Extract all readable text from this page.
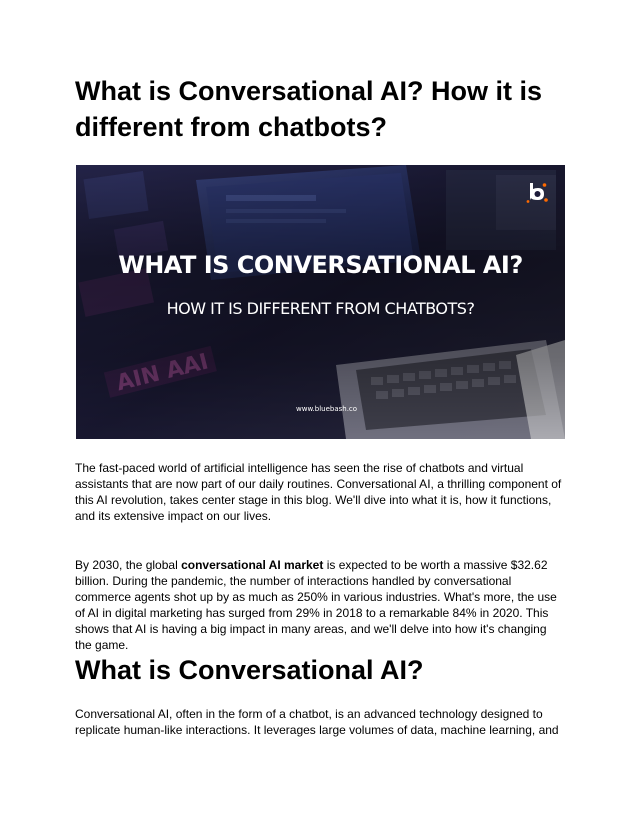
What is Conversational AI? How it is different from chatbots?
WHAT IS CONVERSATIONAL AI?
HOW IT IS DIFFERENT FROM CHATBOTS?
www.bluebash.co

The fast-paced world of artificial intelligence has seen the rise of chatbots and virtual assistants that are now part of our daily routines. Conversational AI, a thrilling component of this AI revolution, takes center stage in this blog. We'll dive into what it is, how it functions, and its extensive impact on our lives.

By 2030, the global conversational AI market is expected to be worth a massive $32.62 billion. During the pandemic, the number of interactions handled by conversational commerce agents shot up by as much as 250% in various industries. What's more, the use of AI in digital marketing has surged from 29% in 2018 to a remarkable 84% in 2020. This shows that AI is having a big impact in many areas, and we'll delve into how it's changing the game.

What is Conversational AI?

Conversational AI, often in the form of a chatbot, is an advanced technology designed to replicate human-like interactions. It leverages large volumes of data, machine learning, and
